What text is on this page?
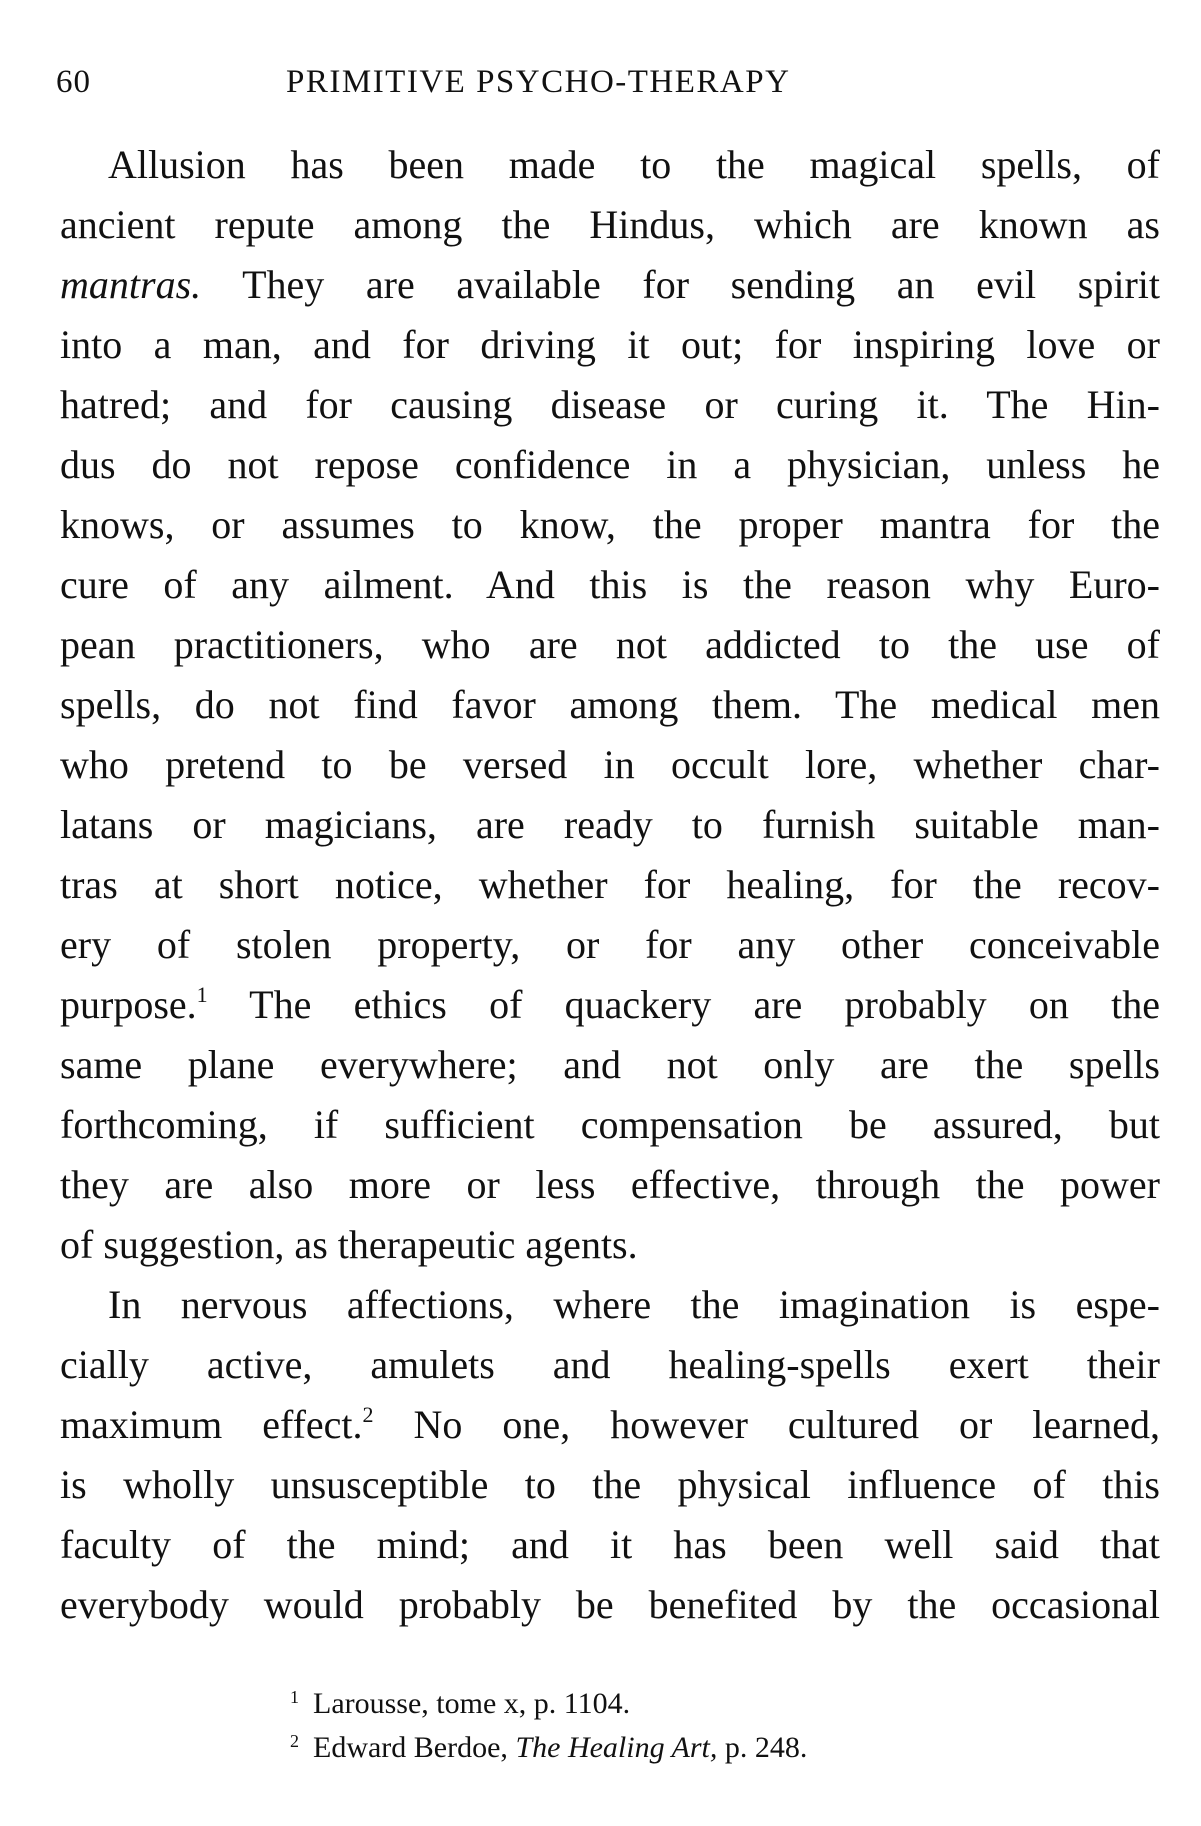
60	PRIMITIVE PSYCHO-THERAPY
Allusion has been made to the magical spells, of
ancient repute among the Hindus, which are known as
mantras. They are available for sending an evil spirit
into a man, and for driving it out; for inspiring love or
hatred; and for causing disease or curing it. The Hin-
dus do not repose confidence in a physician, unless he
knows, or assumes to know, the proper mantra for the
cure of any ailment. And this is the reason why Euro-
pean practitioners, who are not addicted to the use of
spells, do not find favor among them. The medical men
who pretend to be versed in occult lore, whether char-
latans or magicians, are ready to furnish suitable man-
tras at short notice, whether for healing, for the recov-
ery of stolen property, or for any other conceivable
purpose.$^1$ The ethics of quackery are probably on the
same plane everywhere; and not only are the spells
forthcoming, if sufficient compensation be assured, but
they are also more or less effective, through the power
of suggestion, as therapeutic agents.
In nervous affections, where the imagination is espe-
cially active, amulets and healing-spells exert their
maximum effect.$^2$ No one, however cultured or learned,
is wholly unsusceptible to the physical influence of this
faculty of the mind; and it has been well said that
everybody would probably be benefited by the occasional
$^1$ Larousse, tome x, p. 1104.
$^2$ Edward Berdoe, The Healing Art, p. 248.
